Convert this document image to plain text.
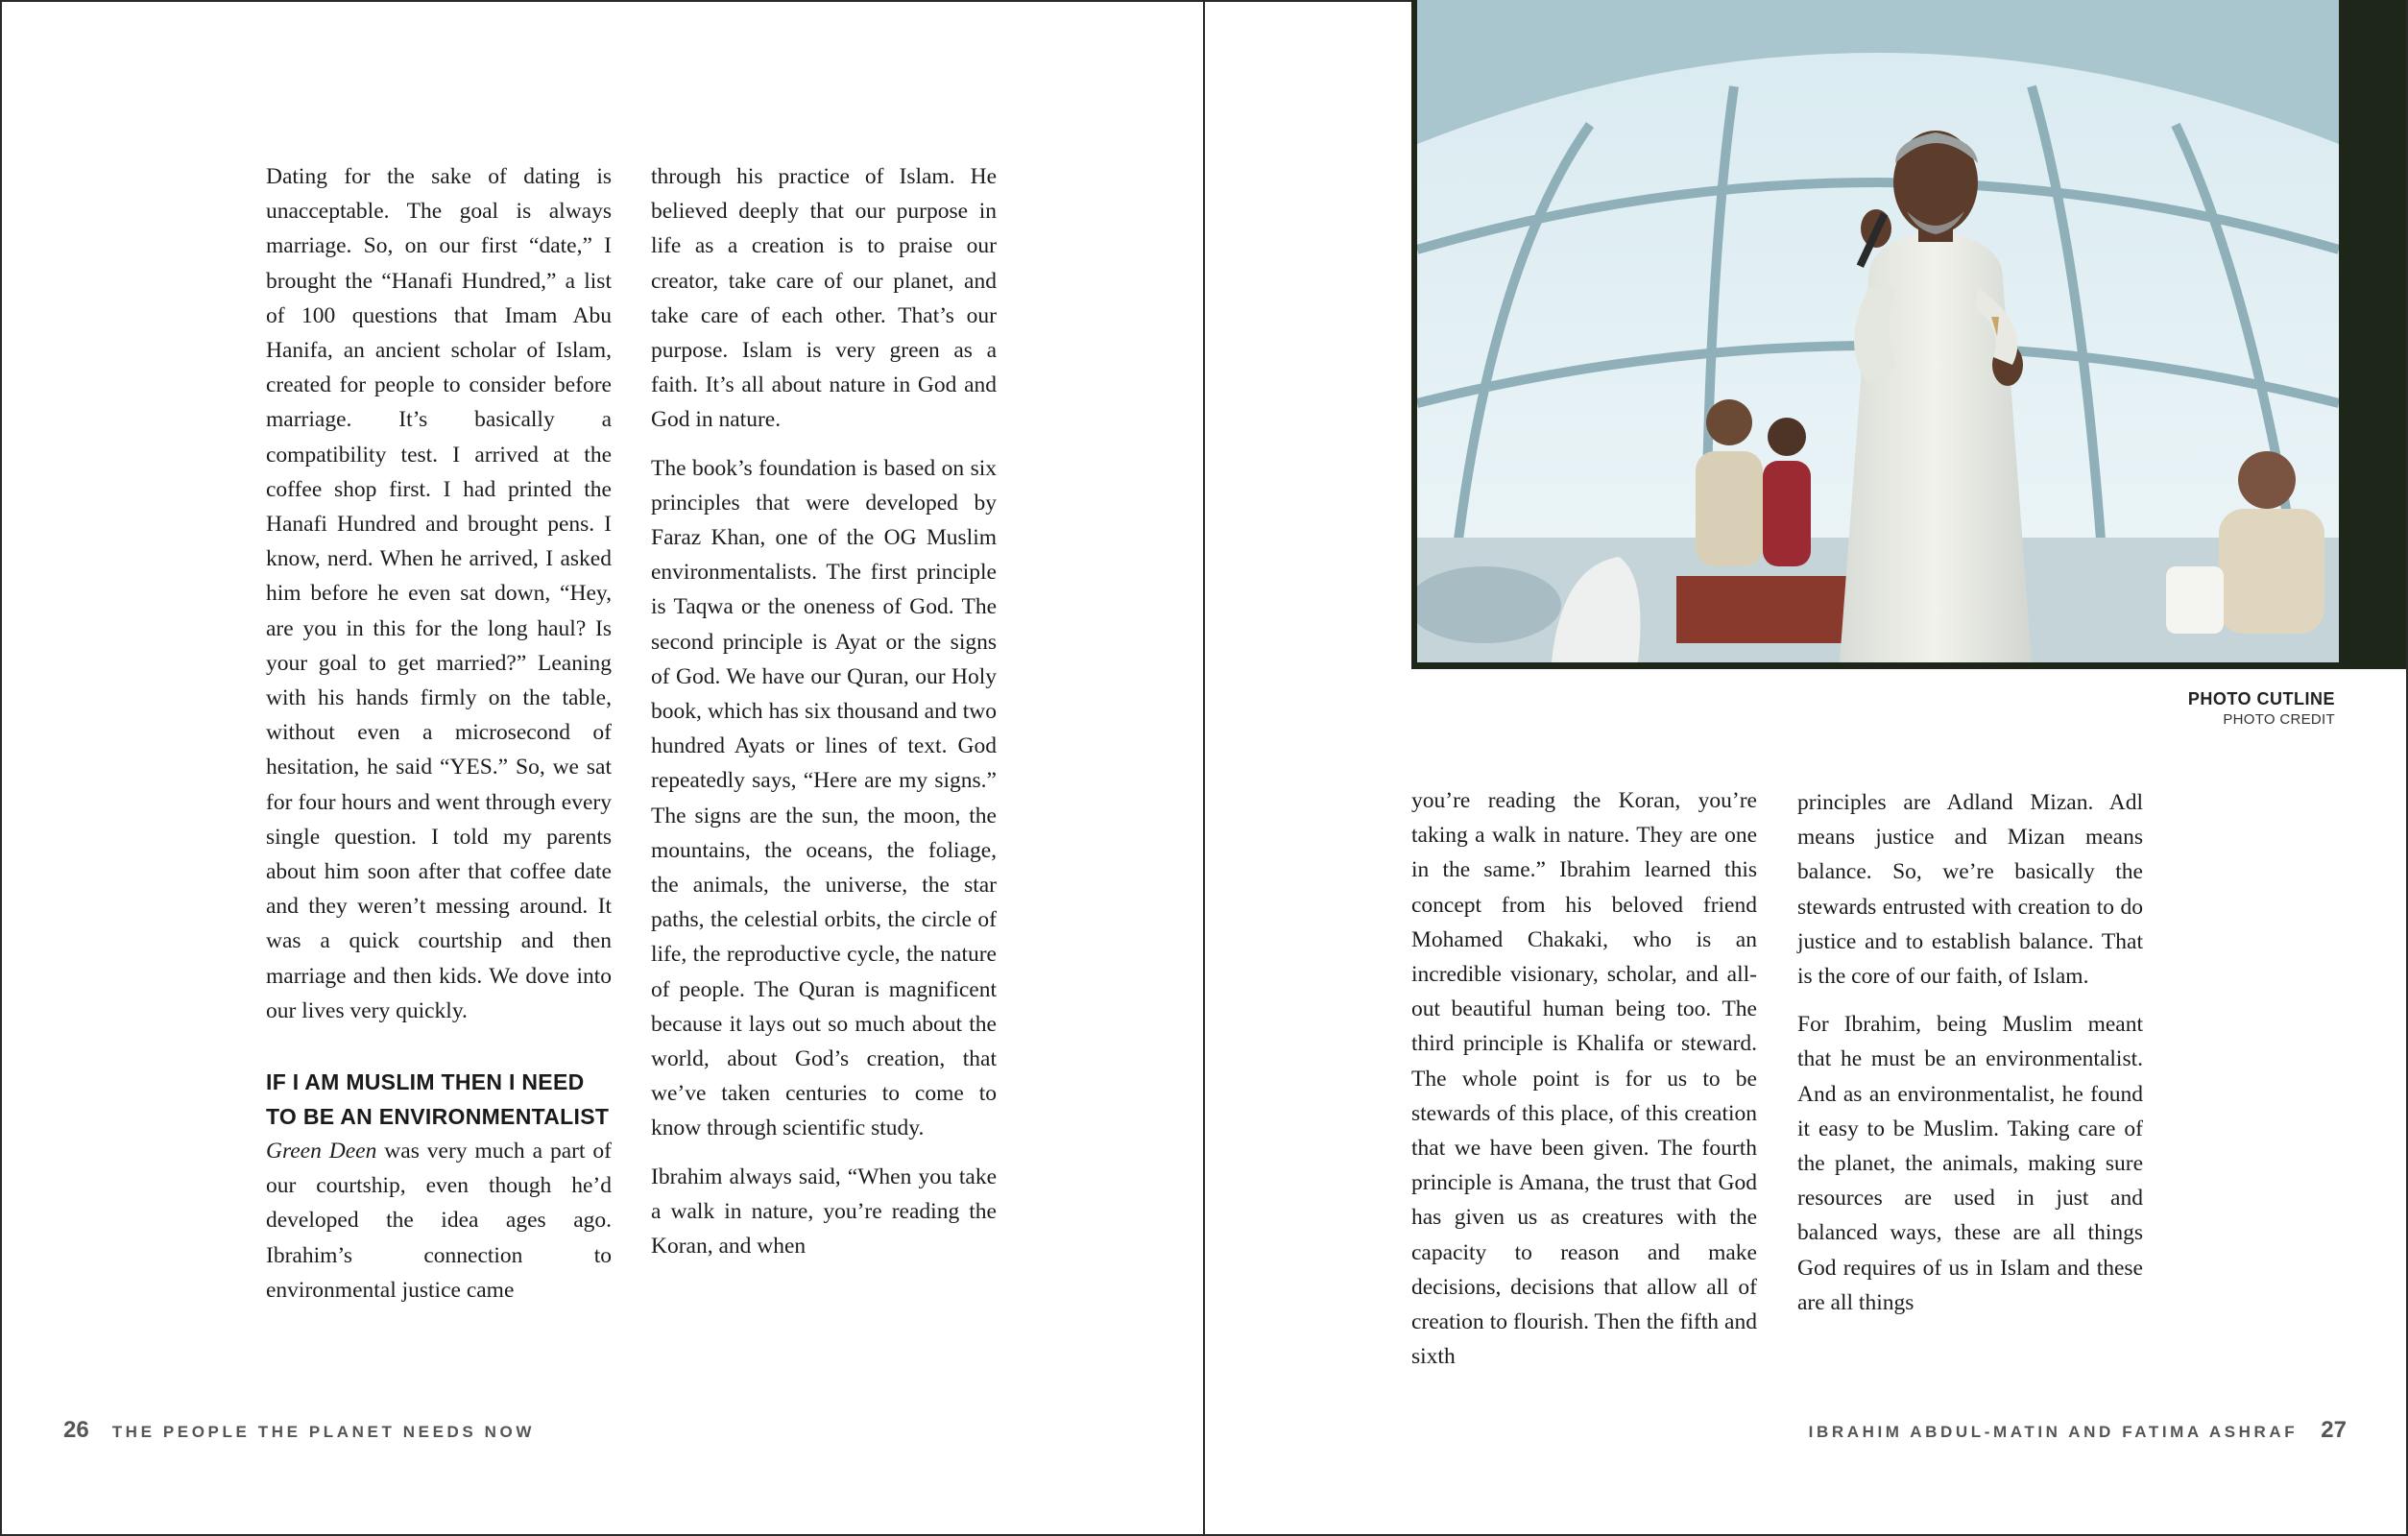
Dating for the sake of dating is unacceptable. The goal is always marriage. So, on our first “date,” I brought the “Hanafi Hundred,” a list of 100 questions that Imam Abu Hanifa, an ancient scholar of Islam, created for people to consider before marriage. It’s basically a compatibility test. I arrived at the coffee shop first. I had printed the Hanafi Hundred and brought pens. I know, nerd. When he arrived, I asked him before he even sat down, “Hey, are you in this for the long haul? Is your goal to get married?” Leaning with his hands firmly on the table, without even a microsecond of hesitation, he said “YES.” So, we sat for four hours and went through every single question. I told my parents about him soon after that coffee date and they weren’t messing around. It was a quick courtship and then marriage and then kids. We dove into our lives very quickly.

IF I AM MUSLIM THEN I NEED
TO BE AN ENVIRONMENTALIST

Green Deen was very much a part of our courtship, even though he’d developed the idea ages ago. Ibrahim’s connection to environmental justice came

through his practice of Islam. He believed deeply that our purpose in life as a creation is to praise our creator, take care of our planet, and take care of each other. That’s our purpose. Islam is very green as a faith. It’s all about nature in God and God in nature.

The book’s foundation is based on six principles that were developed by Faraz Khan, one of the OG Muslim environmentalists. The first principle is Taqwa or the oneness of God. The second principle is Ayat or the signs of God. We have our Quran, our Holy book, which has six thousand and two hundred Ayats or lines of text. God repeatedly says, “Here are my signs.” The signs are the sun, the moon, the mountains, the oceans, the foliage, the animals, the universe, the star paths, the celestial orbits, the circle of life, the reproductive cycle, the nature of people. The Quran is magnificent because it lays out so much about the world, about God’s creation, that we’ve taken centuries to come to know through scientific study.

Ibrahim always said, “When you take a walk in nature, you’re reading the Koran, and when

26 THE PEOPLE THE PLANET NEEDS NOW
PHOTO CUTLINE
PHOTO CREDIT

you’re reading the Koran, you’re taking a walk in nature. They are one in the same.” Ibrahim learned this concept from his beloved friend Mohamed Chakaki, who is an incredible visionary, scholar, and all-out beautiful human being too. The third principle is Khalifa or steward. The whole point is for us to be stewards of this place, of this creation that we have been given. The fourth principle is Amana, the trust that God has given us as creatures with the capacity to reason and make decisions, decisions that allow all of creation to flourish. Then the fifth and sixth

principles are Adland Mizan. Adl means justice and Mizan means balance. So, we’re basically the stewards entrusted with creation to do justice and to establish balance. That is the core of our faith, of Islam.

For Ibrahim, being Muslim meant that he must be an environmentalist. And as an environmentalist, he found it easy to be Muslim. Taking care of the planet, the animals, making sure resources are used in just and balanced ways, these are all things God requires of us in Islam and these are all things

IBRAHIM ABDUL-MATIN AND FATIMA ASHRAF 27
